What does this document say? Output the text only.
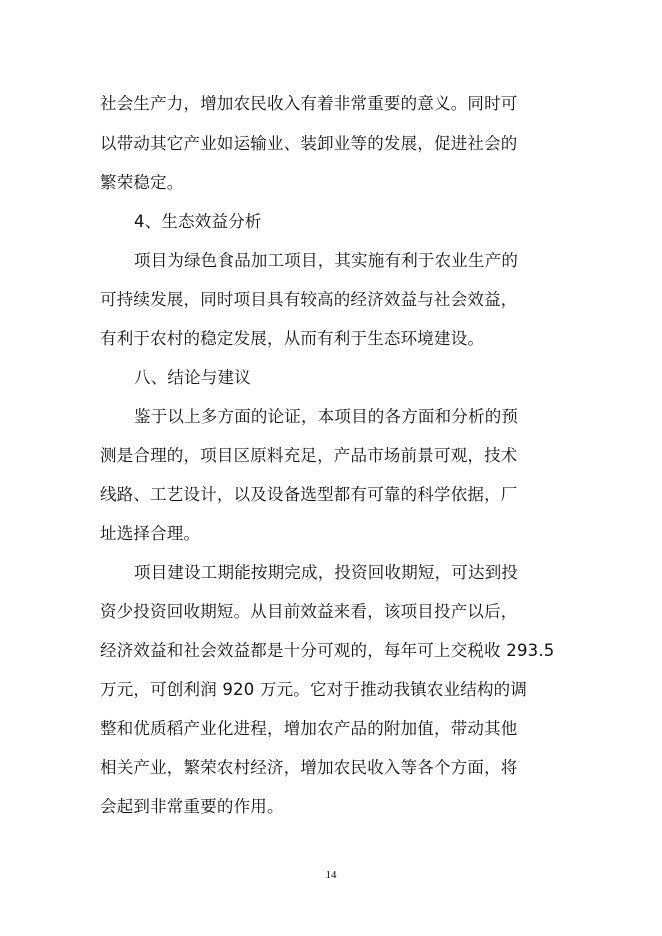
社会生产力，增加农民收入有着非常重要的意义。同时可
以带动其它产业如运输业、装卸业等的发展，促进社会的
繁荣稳定。
4、生态效益分析
项目为绿色食品加工项目，其实施有利于农业生产的
可持续发展，同时项目具有较高的经济效益与社会效益，
有利于农村的稳定发展，从而有利于生态环境建设。
八、结论与建议
鉴于以上多方面的论证，本项目的各方面和分析的预
测是合理的，项目区原料充足，产品市场前景可观，技术
线路、工艺设计，以及设备选型都有可靠的科学依据，厂
址选择合理。
项目建设工期能按期完成，投资回收期短，可达到投
资少投资回收期短。从目前效益来看，该项目投产以后，
经济效益和社会效益都是十分可观的，每年可上交税收 293.5
万元，可创利润 920 万元。它对于推动我镇农业结构的调
整和优质稻产业化进程，增加农产品的附加值，带动其他
相关产业，繁荣农村经济，增加农民收入等各个方面，将
会起到非常重要的作用。
14
